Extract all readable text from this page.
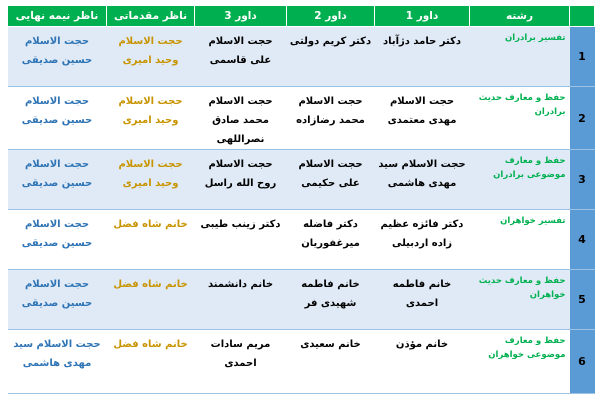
	رشته	داور 1	داور 2	داور 3	ناظر مقدماتی	ناظر نیمه نهایی
1	تفسیر برادران	دکتر حامد دژآباد	دکتر کریم دولتی	حجت الاسلام علی قاسمی	حجت الاسلام وحید امیری	حجت الاسلام حسین صدیقی
2	حفظ و معارف حدیث برادران	حجت الاسلام مهدی معتمدی	حجت الاسلام محمد رضازاده	حجت الاسلام محمد صادق نصراللهی	حجت الاسلام وحید امیری	حجت الاسلام حسین صدیقی
3	حفظ و معارف موضوعی برادران	حجت الاسلام سید مهدی هاشمی	حجت الاسلام علی حکیمی	حجت الاسلام روح الله راسل	حجت الاسلام وحید امیری	حجت الاسلام حسین صدیقی
4	تفسیر خواهران	دکتر فائزه عظیم زاده اردبیلی	دکتر فاضله میرغفوریان	دکتر زینب طیبی	خانم شاه فضل	حجت الاسلام حسین صدیقی
5	حفظ و معارف حدیث خواهران	خانم فاطمه احمدی	خانم فاطمه شهیدی فر	خانم دانشمند	خانم شاه فضل	حجت الاسلام حسین صدیقی
6	حفظ و معارف موضوعی خواهران	خانم مؤذن	خانم سعیدی	مریم سادات احمدی	خانم شاه فضل	حجت الاسلام سید مهدی هاشمی
